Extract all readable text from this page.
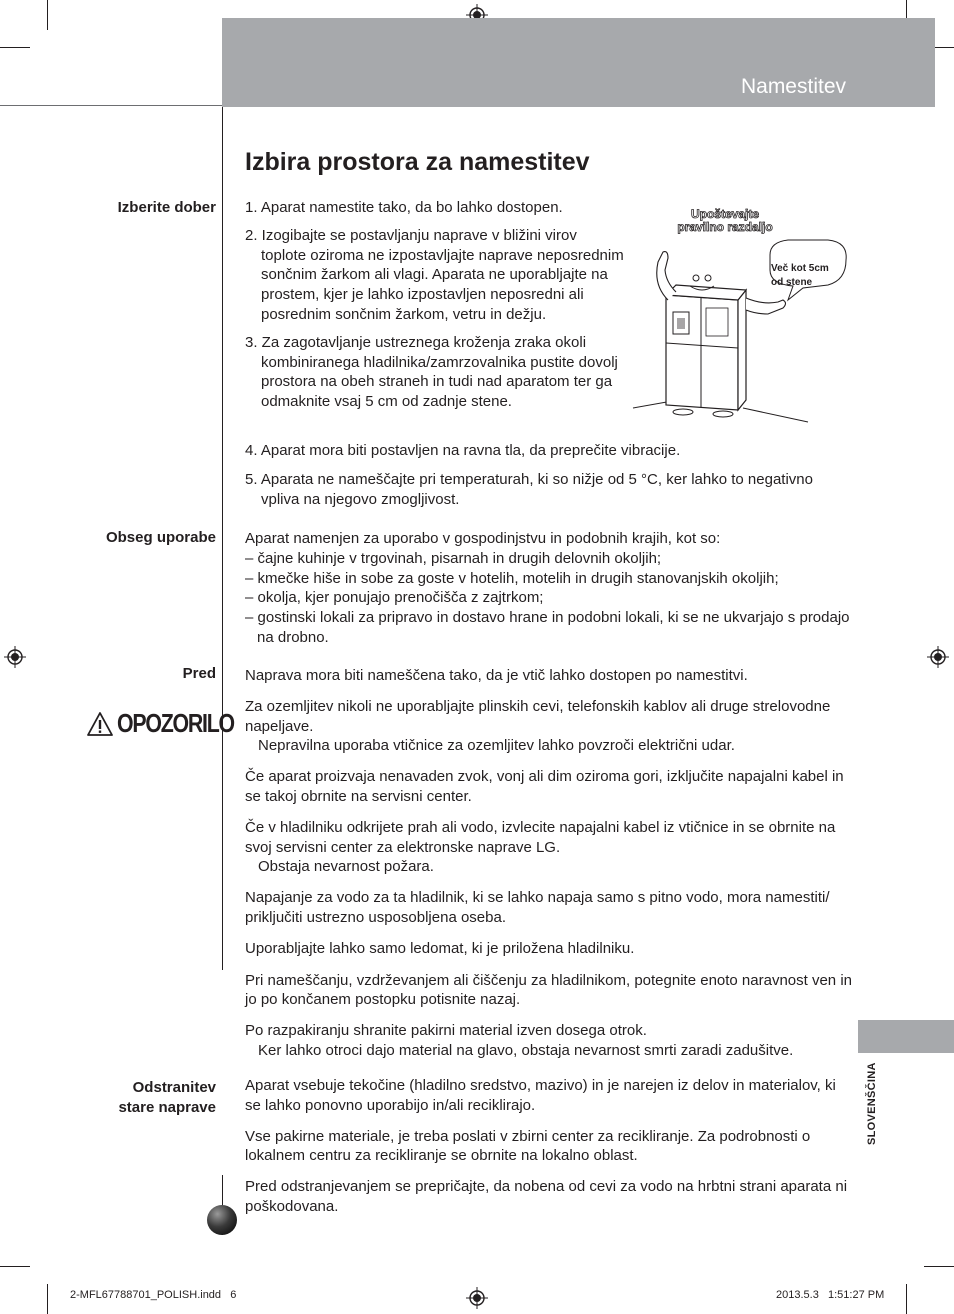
Namestitev
Izbira prostora za namestitev
Izberite dober 1. Aparat namestite tako, da bo lahko dostopen.
2. Izogibajte se postavljanju naprave v bližini virov toplote oziroma ne izpostavljajte naprave neposrednim sončnim žarkom ali vlagi. Aparata ne uporabljajte na prostem, kjer je lahko izpostavljen neposredni ali posrednim sončnim žarkom, vetru in dežju.
3. Za zagotavljanje ustreznega kroženja zraka okoli kombiniranega hladilnika/zamrzovalnika pustite dovolj prostora na obeh straneh in tudi nad aparatom ter ga odmaknite vsaj 5 cm od zadnje stene.
4. Aparat mora biti postavljen na ravna tla, da preprečite vibracije.
5. Aparata ne nameščajte pri temperaturah, ki so nižje od 5 °C, ker lahko to negativno vpliva na njegovo zmogljivost.
Upoštevajte
pravilno razdaljo
Več kot 5cm
od stene
Obseg uporabe Aparat namenjen za uporabo v gospodinjstvu in podobnih krajih, kot so:

– čajne kuhinje v trgovinah, pisarnah in drugih delovnih okoljih;

– kmečke hiše in sobe za goste v hotelih, motelih in drugih stanovanjskih okoljih;

– okolja, kjer ponujajo prenočišča z zajtrkom;

– gostinski lokali za pripravo in dostavo hrane in podobni lokali, ki se ne ukvarjajo s prodajo na drobno.

Pred
OPOZORILO

Naprava mora biti nameščena tako, da je vtič lahko dostopen po namestitvi.

Za ozemljitev nikoli ne uporabljajte plinskih cevi, telefonskih kablov ali druge strelovodne napeljave.

Nepravilna uporaba vtičnice za ozemljitev lahko povzroči električni udar.

Če aparat proizvaja nenavaden zvok, vonj ali dim oziroma gori, izključite napajalni kabel in se takoj obrnite na servisni center.

Če v hladilniku odkrijete prah ali vodo, izvlecite napajalni kabel iz vtičnice in se obrnite na svoj servisni center za elektronske naprave LG.

Obstaja nevarnost požara.

Napajanje za vodo za ta hladilnik, ki se lahko napaja samo s pitno vodo, mora namestiti/ priključiti ustrezno usposobljena oseba.

Uporabljajte lahko samo ledomat, ki je priložena hladilniku.

Pri nameščanju, vzdrževanjem ali čiščenju za hladilnikom, potegnite enoto naravnost ven in jo po končanem postopku potisnite nazaj.

Po razpakiranju shranite pakirni material izven dosega otrok.

Ker lahko otroci dajo material na glavo, obstaja nevarnost smrti zaradi zadušitve.

Odstranitev
stare naprave

Aparat vsebuje tekočine (hladilno sredstvo, mazivo) in je narejen iz delov in materialov, ki se lahko ponovno uporabijo in/ali reciklirajo.

Vse pakirne materiale, je treba poslati v zbirni center za recikliranje. Za podrobnosti o lokalnem centru za recikliranje se obrnite na lokalno oblast.

Pred odstranjevanjem se prepričajte, da nobena od cevi za vodo na hrbtni strani aparata ni poškodovana.

SLOVENŠČINA
2-MFL67788701_POLISH.indd   6	2013.5.3   1:51:27 PM
